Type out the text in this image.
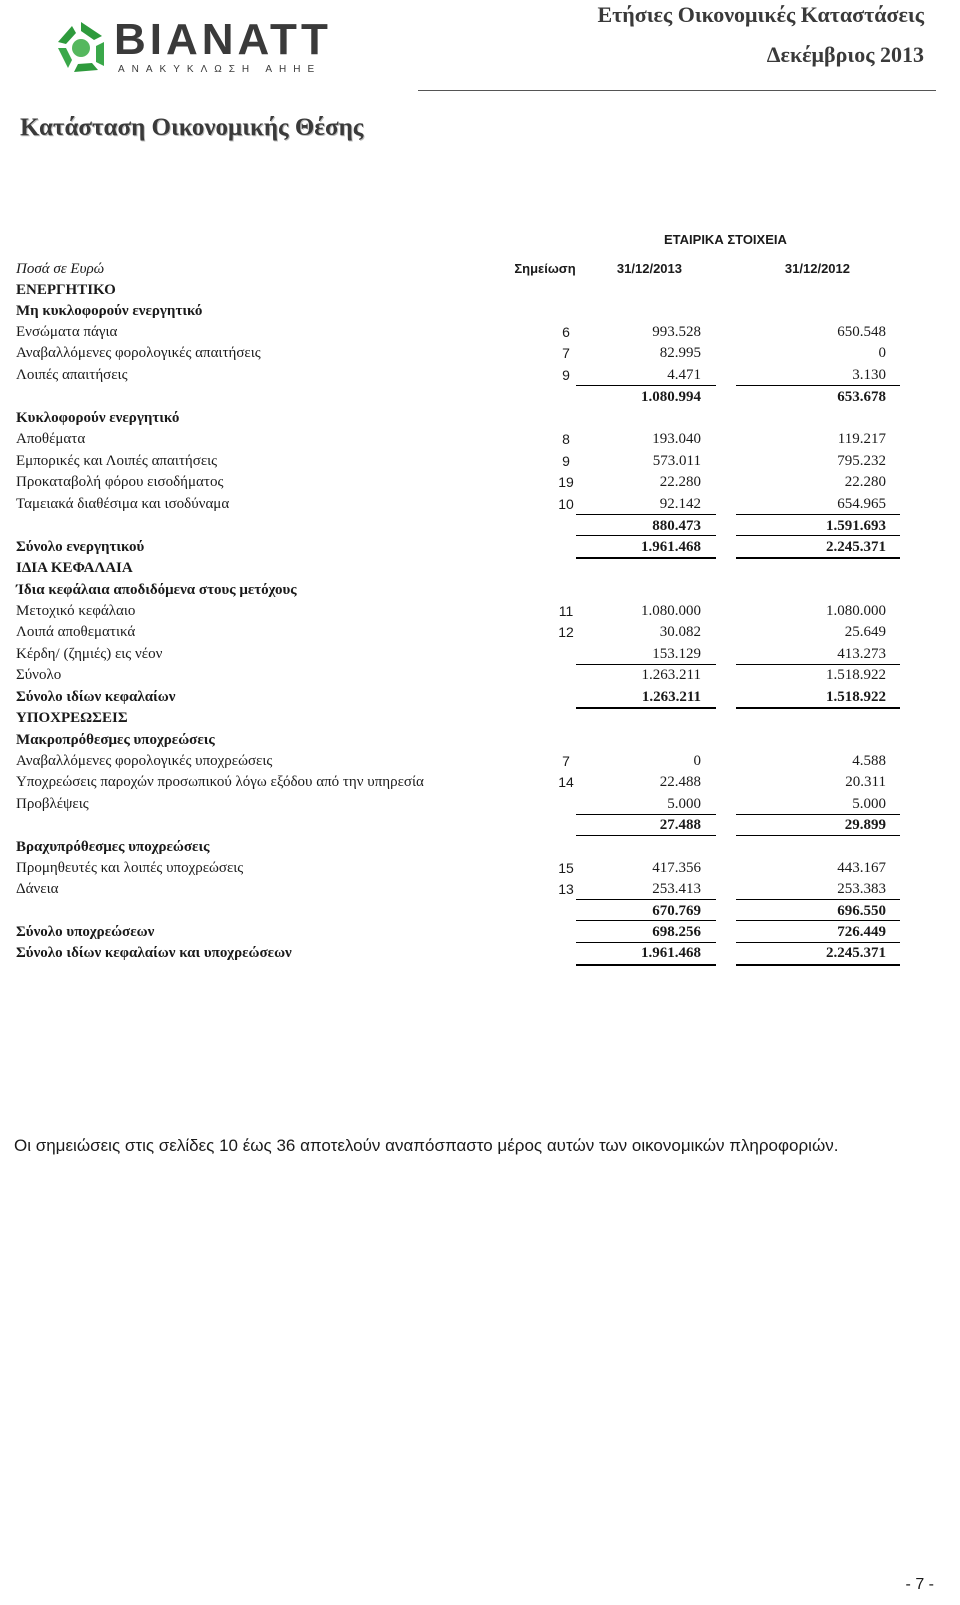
BIANATT
ΑΝΑΚΥΚΛΩΣΗ ΑΗΗΕ
Ετήσιες Οικονομικές Καταστάσεις
Δεκέμβριος 2013
Κατάσταση Οικονομικής Θέσης
ΕΤΑΙΡΙΚΑ ΣΤΟΙΧΕΙΑ
Ποσά σε Ευρώ	Σημείωση	31/12/2013	31/12/2012
ΕΝΕΡΓΗΤΙΚΟ
Μη κυκλοφορούν ενεργητικό
Ενσώματα πάγια	6	993.528	650.548
Αναβαλλόμενες φορολογικές απαιτήσεις	7	82.995	0
Λοιπές απαιτήσεις	9	4.471	3.130
1.080.994	653.678
Κυκλοφορούν ενεργητικό
Αποθέματα	8	193.040	119.217
Εμπορικές και Λοιπές απαιτήσεις	9	573.011	795.232
Προκαταβολή φόρου εισοδήματος	19	22.280	22.280
Ταμειακά διαθέσιμα και ισοδύναμα	10	92.142	654.965
880.473	1.591.693
Σύνολο ενεργητικού	1.961.468	2.245.371
ΙΔΙΑ ΚΕΦΑΛΑΙΑ
Ίδια κεφάλαια αποδιδόμενα στους μετόχους
Μετοχικό κεφάλαιο	11	1.080.000	1.080.000
Λοιπά αποθεματικά	12	30.082	25.649
Κέρδη/ (ζημιές) εις νέον	153.129	413.273
Σύνολο	1.263.211	1.518.922
Σύνολο ιδίων κεφαλαίων	1.263.211	1.518.922
ΥΠΟΧΡΕΩΣΕΙΣ
Μακροπρόθεσμες υποχρεώσεις
Αναβαλλόμενες φορολογικές υποχρεώσεις	7	0	4.588
Υποχρεώσεις παροχών προσωπικού λόγω εξόδου από την υπηρεσία	14	22.488	20.311
Προβλέψεις	5.000	5.000
27.488	29.899
Βραχυπρόθεσμες υποχρεώσεις
Προμηθευτές και λοιπές υποχρεώσεις	15	417.356	443.167
Δάνεια	13	253.413	253.383
670.769	696.550
Σύνολο υποχρεώσεων	698.256	726.449
Σύνολο ιδίων κεφαλαίων και υποχρεώσεων	1.961.468	2.245.371
Οι σημειώσεις στις σελίδες 10 έως 36 αποτελούν αναπόσπαστο μέρος αυτών των οικονομικών πληροφοριών.
- 7 -
